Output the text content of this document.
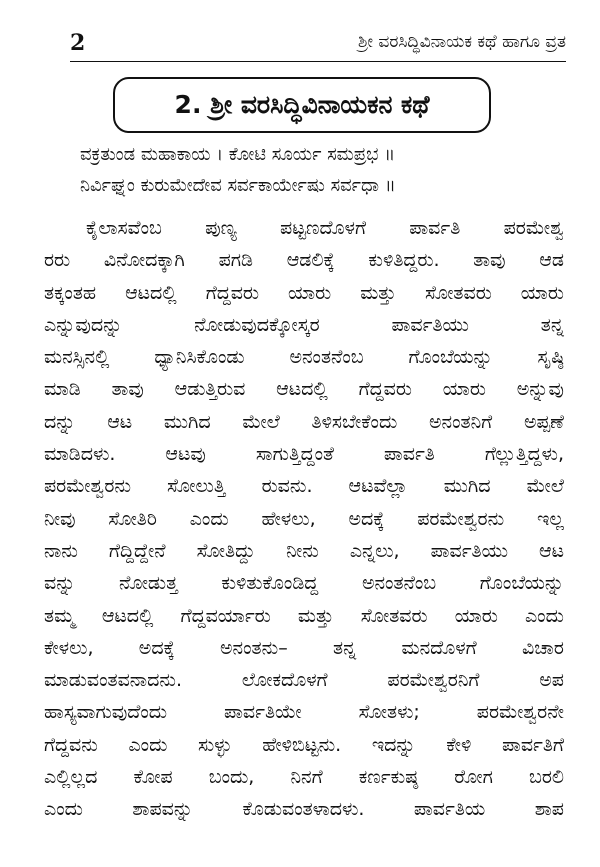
2	ಶ್ರೀ ವರಸಿದ್ಧಿವಿನಾಯಕ ಕಥೆ ಹಾಗೂ ವ್ರತ
2. ಶ್ರೀ ವರಸಿದ್ಧಿವಿನಾಯಕನ ಕಥೆ
ವಕ್ರತುಂಡ ಮಹಾಕಾಯ । ಕೋಟಿ ಸೂರ್ಯ ಸಮಪ್ರಭ ॥
ನಿರ್ವಿಘ್ನಂ ಕುರುಮೇದೇವ ಸರ್ವಕಾರ್ಯೇಷು ಸರ್ವಧಾ ॥
ಕೈಲಾಸವೆಂಬ ಪುಣ್ಯ ಪಟ್ಟಣದೊಳಗೆ ಪಾರ್ವತಿ ಪರಮೇಶ್ವ
ರರು ವಿನೋದಕ್ಕಾಗಿ ಪಗಡಿ ಆಡಲಿಕ್ಕೆ ಕುಳಿತಿದ್ದರು. ತಾವು ಆಡ
ತಕ್ಕಂತಹ ಆಟದಲ್ಲಿ ಗೆದ್ದವರು ಯಾರು ಮತ್ತು ಸೋತವರು ಯಾರು
ಎನ್ನುವುದನ್ನು	ನೋಡುವುದಕ್ಕೋಸ್ಕರ	ಪಾರ್ವತಿಯು	ತನ್ನ
ಮನಸ್ಸಿನಲ್ಲಿ ಧ್ಯಾನಿಸಿಕೊಂಡು ಅನಂತನೆಂಬ ಗೊಂಬೆಯನ್ನು ಸೃಷ್ಠಿ
ಮಾಡಿ ತಾವು ಆಡುತ್ತಿರುವ ಆಟದಲ್ಲಿ ಗೆದ್ದವರು ಯಾರು ಅನ್ನುವು
ದನ್ನು ಆಟ ಮುಗಿದ ಮೇಲೆ ತಿಳಿಸಬೇಕೆಂದು ಅನಂತನಿಗೆ ಅಪ್ಪಣೆ
ಮಾಡಿದಳು.	ಆಟವು	ಸಾಗುತ್ತಿದ್ದಂತೆ	ಪಾರ್ವತಿ	ಗೆಲ್ಲುತ್ತಿದ್ದಳು,
ಪರಮೇಶ್ವರನು ಸೋಲುತ್ತಿ ರುವನು. ಆಟವೆಲ್ಲಾ ಮುಗಿದ ಮೇಲೆ
ನೀವು ಸೋತಿರಿ ಎಂದು ಹೇಳಲು, ಅದಕ್ಕೆ ಪರಮೇಶ್ವರನು ಇಲ್ಲ
ನಾನು ಗೆದ್ದಿದ್ದೇನೆ ಸೋತಿದ್ದು ನೀನು ಎನ್ನಲು, ಪಾರ್ವತಿಯು ಆಟ
ವನ್ನು ನೋಡುತ್ತ ಕುಳಿತುಕೊಂಡಿದ್ದ ಅನಂತನೆಂಬ ಗೊಂಬೆಯನ್ನು
ತಮ್ಮ ಆಟದಲ್ಲಿ ಗೆದ್ದವರ್ಯಾರು ಮತ್ತು ಸೋತವರು ಯಾರು ಎಂದು
ಕೇಳಲು, ಅದಕ್ಕೆ ಅನಂತನು– ತನ್ನ ಮನದೊಳಗೆ ವಿಚಾರ
ಮಾಡುವಂತವನಾದನು.	ಲೋಕದೊಳಗೆ	ಪರಮೇಶ್ವರನಿಗೆ	ಅಪ
ಹಾಸ್ಯವಾಗುವುದೆಂದು	ಪಾರ್ವತಿಯೇ	ಸೋತಳು;	ಪರಮೇಶ್ವರನೇ
ಗೆದ್ದವನು ಎಂದು ಸುಳ್ಳು ಹೇಳಿಬಿಟ್ಟನು. ಇದನ್ನು ಕೇಳಿ ಪಾರ್ವತಿಗೆ
ಎಲ್ಲಿಲ್ಲದ ಕೋಪ ಬಂದು, ನಿನಗೆ ಕರ್ಣಕುಷ್ಠ ರೋಗ ಬರಲಿ
ಎಂದು	ಶಾಪವನ್ನು	ಕೊಡುವಂತಳಾದಳು.	ಪಾರ್ವತಿಯ	ಶಾಪ
